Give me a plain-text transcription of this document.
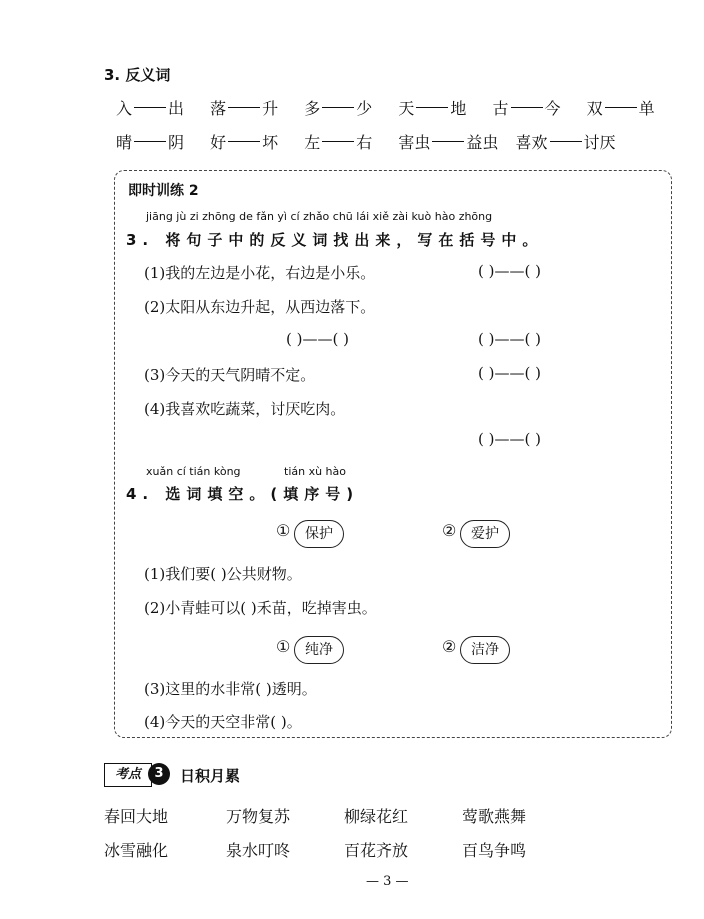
3. 反义词
入 出 落 升 多 少 天 地 古 今 双 单
晴 阴 好 坏 左 右 害虫 益虫 喜欢 讨厌
即时训练 2
jiāng jù zi zhōng de fǎn yì cí zhǎo chū lái xiě zài kuò hào zhōng
3. 将句子中的反义词找出来，写在括号中。
(1)我的左边是小花，右边是小乐。	( )——( )
(2)太阳从东边升起，从西边落下。
( )——( )	( )——( )
(3)今天的天气阴晴不定。	( )——( )
(4)我喜欢吃蔬菜，讨厌吃肉。
( )——( )
xuǎn cí tián kòng	tián xù hào
4. 选词填空。(填序号)
①	保护	②	爱护
(1)我们要( )公共财物。
(2)小青蛙可以( )禾苗，吃掉害虫。
①	纯净	②	洁净
(3)这里的水非常( )透明。
(4)今天的天空非常( )。
考点	3	日积月累
春回大地	万物复苏	柳绿花红	莺歌燕舞
冰雪融化	泉水叮咚	百花齐放	百鸟争鸣
— 3 —
